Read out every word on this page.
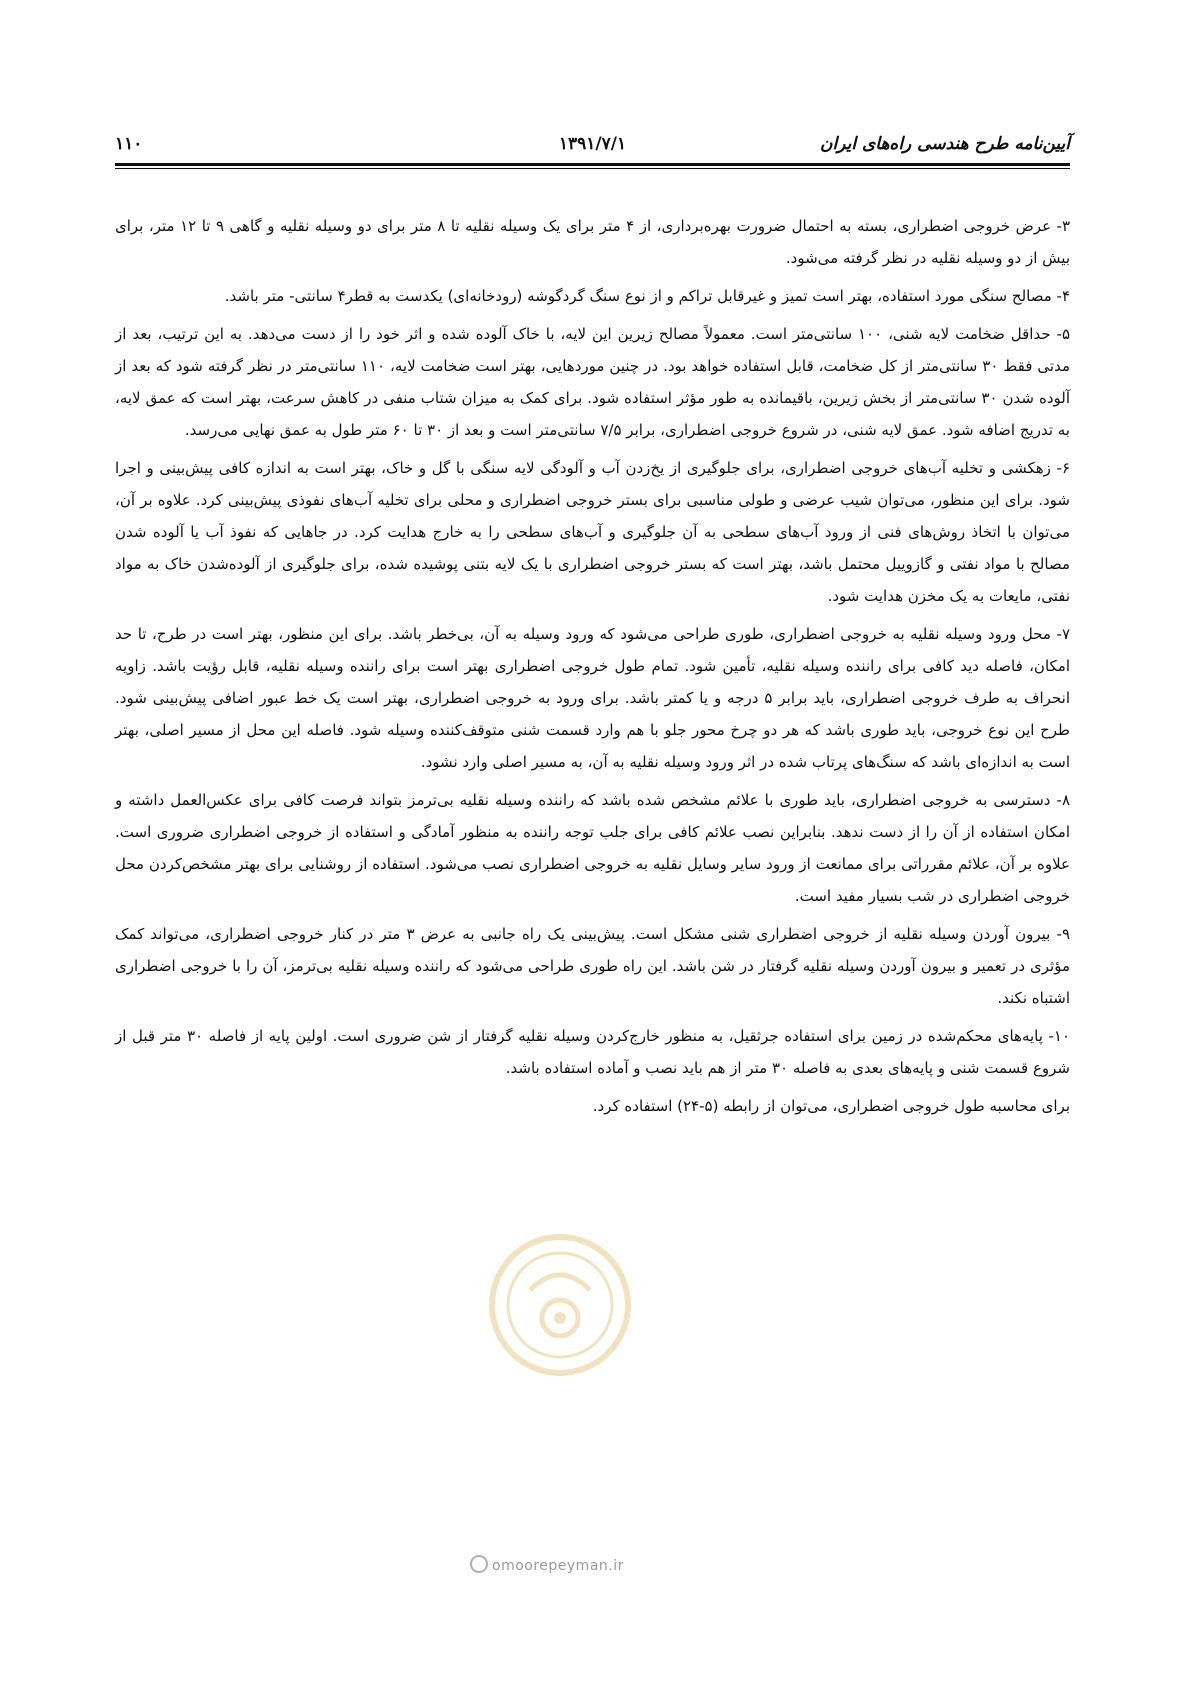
آیین‌نامه طرح هندسی راه‌های ایران
۱۳۹۱/۷/۱
۱۱۰

۳- عرض خروجی اضطراری، بسته به احتمال ضرورت بهره‌برداری، از ۴ متر برای یک وسیله نقلیه تا ۸ متر برای دو وسیله نقلیه و گاهی ۹ تا ۱۲ متر، برای بیش از دو وسیله نقلیه در نظر گرفته می‌شود.

۴- مصالح سنگی مورد استفاده، بهتر است تمیز و غیرقابل تراکم و از نوع سنگ گردگوشه (رودخانه‌ای) یکدست به قطر۴ سانتی- متر باشد.

۵- حداقل ضخامت لایه شنی، ۱۰۰ سانتی‌متر است. معمولاً مصالح زیرین این لایه، با خاک آلوده شده و اثر خود را از دست می‌دهد. به این ترتیب، بعد از مدتی فقط ۳۰ سانتی‌متر از کل ضخامت، قابل استفاده خواهد بود. در چنین موردهایی، بهتر است ضخامت لایه، ۱۱۰ سانتی‌متر در نظر گرفته شود که بعد از آلوده شدن ۳۰ سانتی‌متر از بخش زیرین، باقیمانده به طور مؤثر استفاده شود. برای کمک به میزان شتاب منفی در کاهش سرعت، بهتر است که عمق لایه، به تدریج اضافه شود. عمق لایه شنی، در شروع خروجی اضطراری، برابر ۷/۵ سانتی‌متر است و بعد از ۳۰ تا ۶۰ متر طول به عمق نهایی می‌رسد.

۶- زهکشی و تخلیه آب‌های خروجی اضطراری، برای جلوگیری از یخ‌زدن آب و آلودگی لایه سنگی با گل و خاک، بهتر است به اندازه کافی پیش‌بینی و اجرا شود. برای این منظور، می‌توان شیب عرضی و طولی مناسبی برای بستر خروجی اضطراری و محلی برای تخلیه آب‌های نفوذی پیش‌بینی کرد. علاوه بر آن، می‌توان با اتخاذ روش‌های فنی از ورود آب‌های سطحی به آن جلوگیری و آب‌های سطحی را به خارج هدایت کرد. در جاهایی که نفوذ آب یا آلوده شدن مصالح با مواد نفتی و گازوییل محتمل باشد، بهتر است که بستر خروجی اضطراری با یک لایه بتنی پوشیده شده، برای جلوگیری از آلوده‌شدن خاک به مواد نفتی، مایعات به یک مخزن هدایت شود.

۷- محل ورود وسیله نقلیه به خروجی اضطراری، طوری طراحی می‌شود که ورود وسیله به آن، بی‌خطر باشد. برای این منظور، بهتر است در طرح، تا حد امکان، فاصله دید کافی برای راننده وسیله نقلیه، تأمین شود. تمام طول خروجی اضطراری بهتر است برای راننده وسیله نقلیه، قابل رؤیت باشد. زاویه انحراف به طرف خروجی اضطراری، باید برابر ۵ درجه و یا کمتر باشد. برای ورود به خروجی اضطراری، بهتر است یک خط عبور اضافی پیش‌بینی شود. طرح این نوع خروجی، باید طوری باشد که هر دو چرخ محور جلو با هم وارد قسمت شنی متوقف‌کننده وسیله شود. فاصله این محل از مسیر اصلی، بهتر است به اندازه‌ای باشد که سنگ‌های پرتاب شده در اثر ورود وسیله نقلیه به آن، به مسیر اصلی وارد نشود.

۸- دسترسی به خروجی اضطراری، باید طوری با علائم مشخص شده باشد که راننده وسیله نقلیه بی‌ترمز بتواند فرصت کافی برای عکس‌العمل داشته و امکان استفاده از آن را از دست ندهد. بنابراین نصب علائم کافی برای جلب توجه راننده به منظور آمادگی و استفاده از خروجی اضطراری ضروری است. علاوه بر آن، علائم مقرراتی برای ممانعت از ورود سایر وسایل نقلیه به خروجی اضطراری نصب می‌شود. استفاده از روشنایی برای بهتر مشخص‌کردن محل خروجی اضطراری در شب بسیار مفید است.

۹- بیرون آوردن وسیله نقلیه از خروجی اضطراری شنی مشکل است. پیش‌بینی یک راه جانبی به عرض ۳ متر در کنار خروجی اضطراری، می‌تواند کمک مؤثری در تعمیر و بیرون آوردن وسیله نقلیه گرفتار در شن باشد. این راه طوری طراحی می‌شود که راننده وسیله نقلیه بی‌ترمز، آن را با خروجی اضطراری اشتباه نکند.

۱۰- پایه‌های محکم‌شده در زمین برای استفاده جرثقیل، به منظور خارج‌کردن وسیله نقلیه گرفتار از شن ضروری است. اولین پایه از فاصله ۳۰ متر قبل از شروع قسمت شنی و پایه‌های بعدی به فاصله ۳۰ متر از هم باید نصب و آماده استفاده باشد.

برای محاسبه طول خروجی اضطراری، می‌توان از رابطه (۵-۲۴) استفاده کرد.

omoorepeyman.ir
